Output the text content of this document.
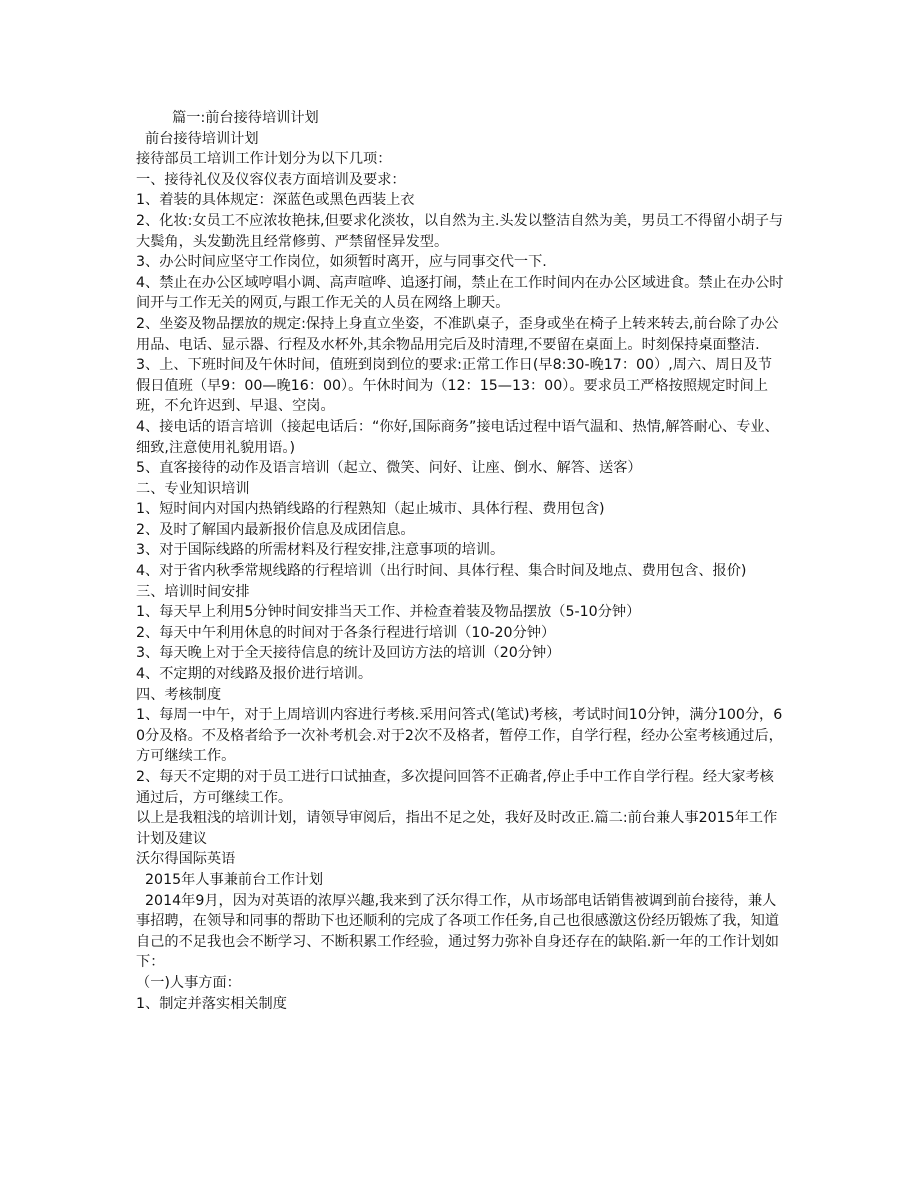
篇一:前台接待培训计划

前台接待培训计划

接待部员工培训工作计划分为以下几项：

一、接待礼仪及仪容仪表方面培训及要求：

1、着装的具体规定：深蓝色或黑色西装上衣

2、化妆:女员工不应浓妆艳抹,但要求化淡妆，以自然为主.头发以整洁自然为美，男员工不得留小胡子与大鬓角，头发勤洗且经常修剪、严禁留怪异发型。

3、办公时间应坚守工作岗位，如须暂时离开，应与同事交代一下.

4、禁止在办公区域哼唱小调、高声喧哗、追逐打闹，禁止在工作时间内在办公区域进食。禁止在办公时间开与工作无关的网页,与跟工作无关的人员在网络上聊天。

2、坐姿及物品摆放的规定:保持上身直立坐姿，不准趴桌子，歪身或坐在椅子上转来转去,前台除了办公用品、电话、显示器、行程及水杯外,其余物品用完后及时清理,不要留在桌面上。时刻保持桌面整洁.

3、上、下班时间及午休时间，值班到岗到位的要求:正常工作日(早8:30-晚17：00）,周六、周日及节假日值班（早9：00—晚16：00）。午休时间为（12：15—13：00）。要求员工严格按照规定时间上班，不允许迟到、早退、空岗。

4、接电话的语言培训（接起电话后：“你好,国际商务”接电话过程中语气温和、热情,解答耐心、专业、细致,注意使用礼貌用语。)

5、直客接待的动作及语言培训（起立、微笑、问好、让座、倒水、解答、送客）

二、专业知识培训

1、短时间内对国内热销线路的行程熟知（起止城市、具体行程、费用包含)

2、及时了解国内最新报价信息及成团信息。

3、对于国际线路的所需材料及行程安排,注意事项的培训。

4、对于省内秋季常规线路的行程培训（出行时间、具体行程、集合时间及地点、费用包含、报价)

三、培训时间安排

1、每天早上利用5分钟时间安排当天工作、并检查着装及物品摆放（5-10分钟）

2、每天中午利用休息的时间对于各条行程进行培训（10-20分钟）

3、每天晚上对于全天接待信息的统计及回访方法的培训（20分钟）

4、不定期的对线路及报价进行培训。

四、考核制度

1、每周一中午，对于上周培训内容进行考核.采用问答式(笔试)考核，考试时间10分钟，满分100分，60分及格。不及格者给予一次补考机会.对于2次不及格者，暂停工作，自学行程，经办公室考核通过后，方可继续工作。

2、每天不定期的对于员工进行口试抽查，多次提问回答不正确者,停止手中工作自学行程。经大家考核通过后，方可继续工作。

以上是我粗浅的培训计划，请领导审阅后，指出不足之处，我好及时改正.篇二:前台兼人事2015年工作计划及建议

沃尔得国际英语

2015年人事兼前台工作计划

2014年9月，因为对英语的浓厚兴趣,我来到了沃尔得工作，从市场部电话销售被调到前台接待，兼人事招聘，在领导和同事的帮助下也还顺利的完成了各项工作任务,自己也很感激这份经历锻炼了我，知道自己的不足我也会不断学习、不断积累工作经验，通过努力弥补自身还存在的缺陷.新一年的工作计划如下：

（一)人事方面：

1、制定并落实相关制度
